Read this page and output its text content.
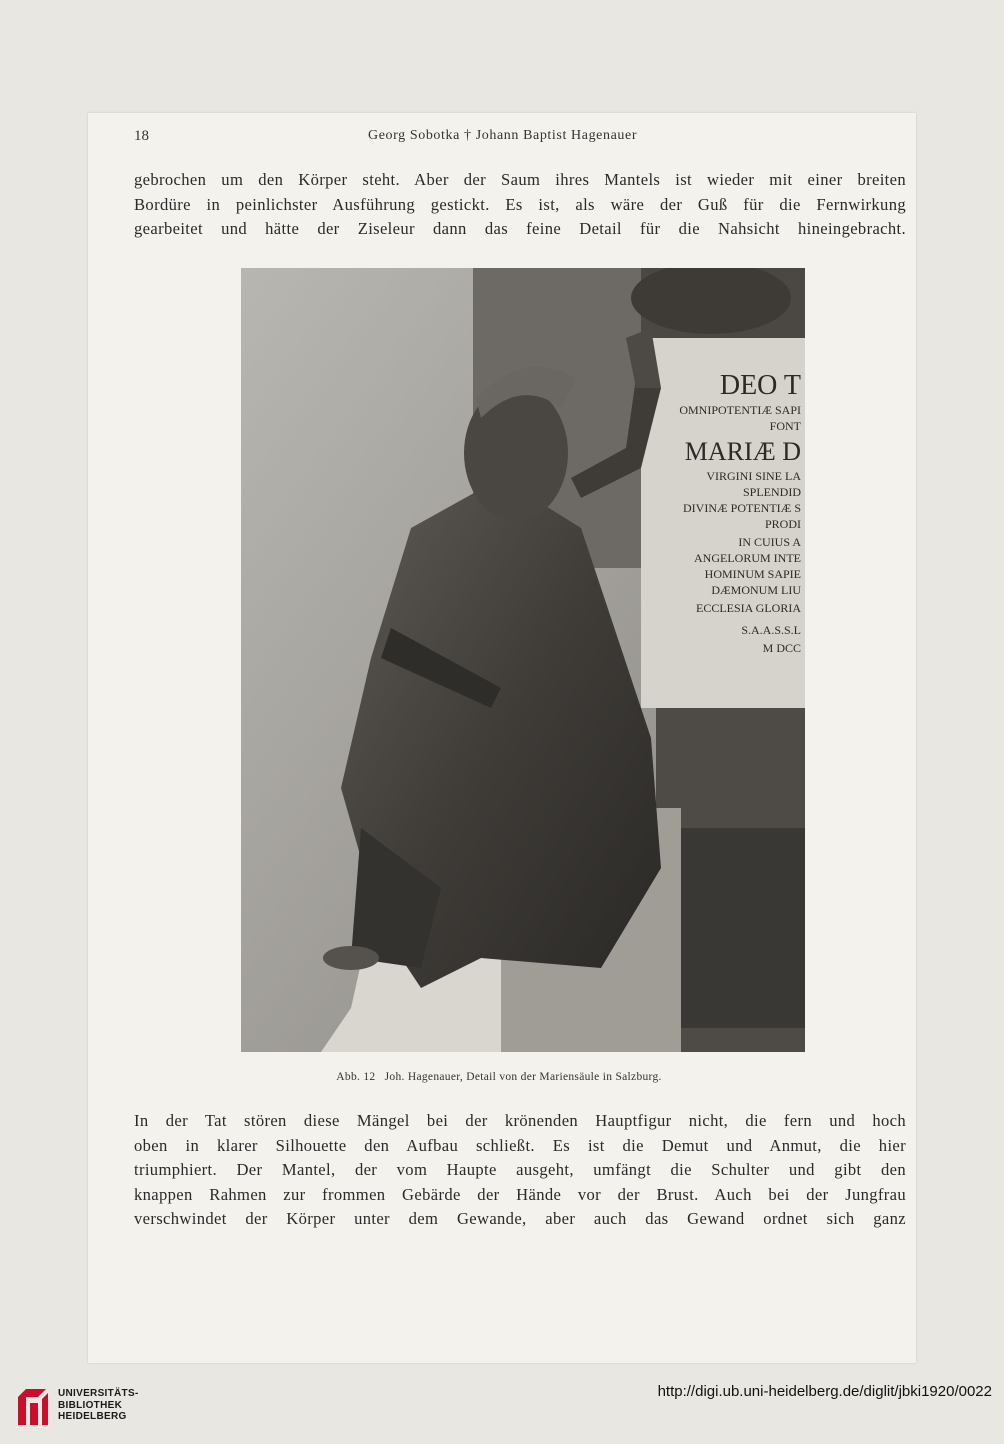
18	Georg Sobotka † Johann Baptist Hagenauer
gebrochen um den Körper steht. Aber der Saum ihres Mantels ist wieder mit einer breiten
Bordüre in peinlichster Ausführung gestickt. Es ist, als wäre der Guß für die Fernwirkung
gearbeitet und hätte der Ziseleur dann das feine Detail für die Nahsicht hineingebracht.
DEO T
OMNIPOTENTIÆ SAPI
FONT
MARIÆ D
VIRGINI SINE LA
SPLENDID
DIVINÆ POTENTIÆ S
PRODI
IN CUIUS A
ANGELORUM INTE
HOMINUM SAPIE
DÆMONUM LIU
ECCLESIA GLORIA
S.A.A.S.S.L
M DCC
Abb. 12 Joh. Hagenauer, Detail von der Mariensäule in Salzburg.
In der Tat stören diese Mängel bei der krönenden Hauptfigur nicht, die fern und hoch
oben in klarer Silhouette den Aufbau schließt. Es ist die Demut und Anmut, die hier
triumphiert. Der Mantel, der vom Haupte ausgeht, umfängt die Schulter und gibt den
knappen Rahmen zur frommen Gebärde der Hände vor der Brust. Auch bei der Jungfrau
verschwindet der Körper unter dem Gewande, aber auch das Gewand ordnet sich ganz
UNIVERSITÄTS-
BIBLIOTHEK
HEIDELBERG
http://digi.ub.uni-heidelberg.de/diglit/jbki1920/0022
